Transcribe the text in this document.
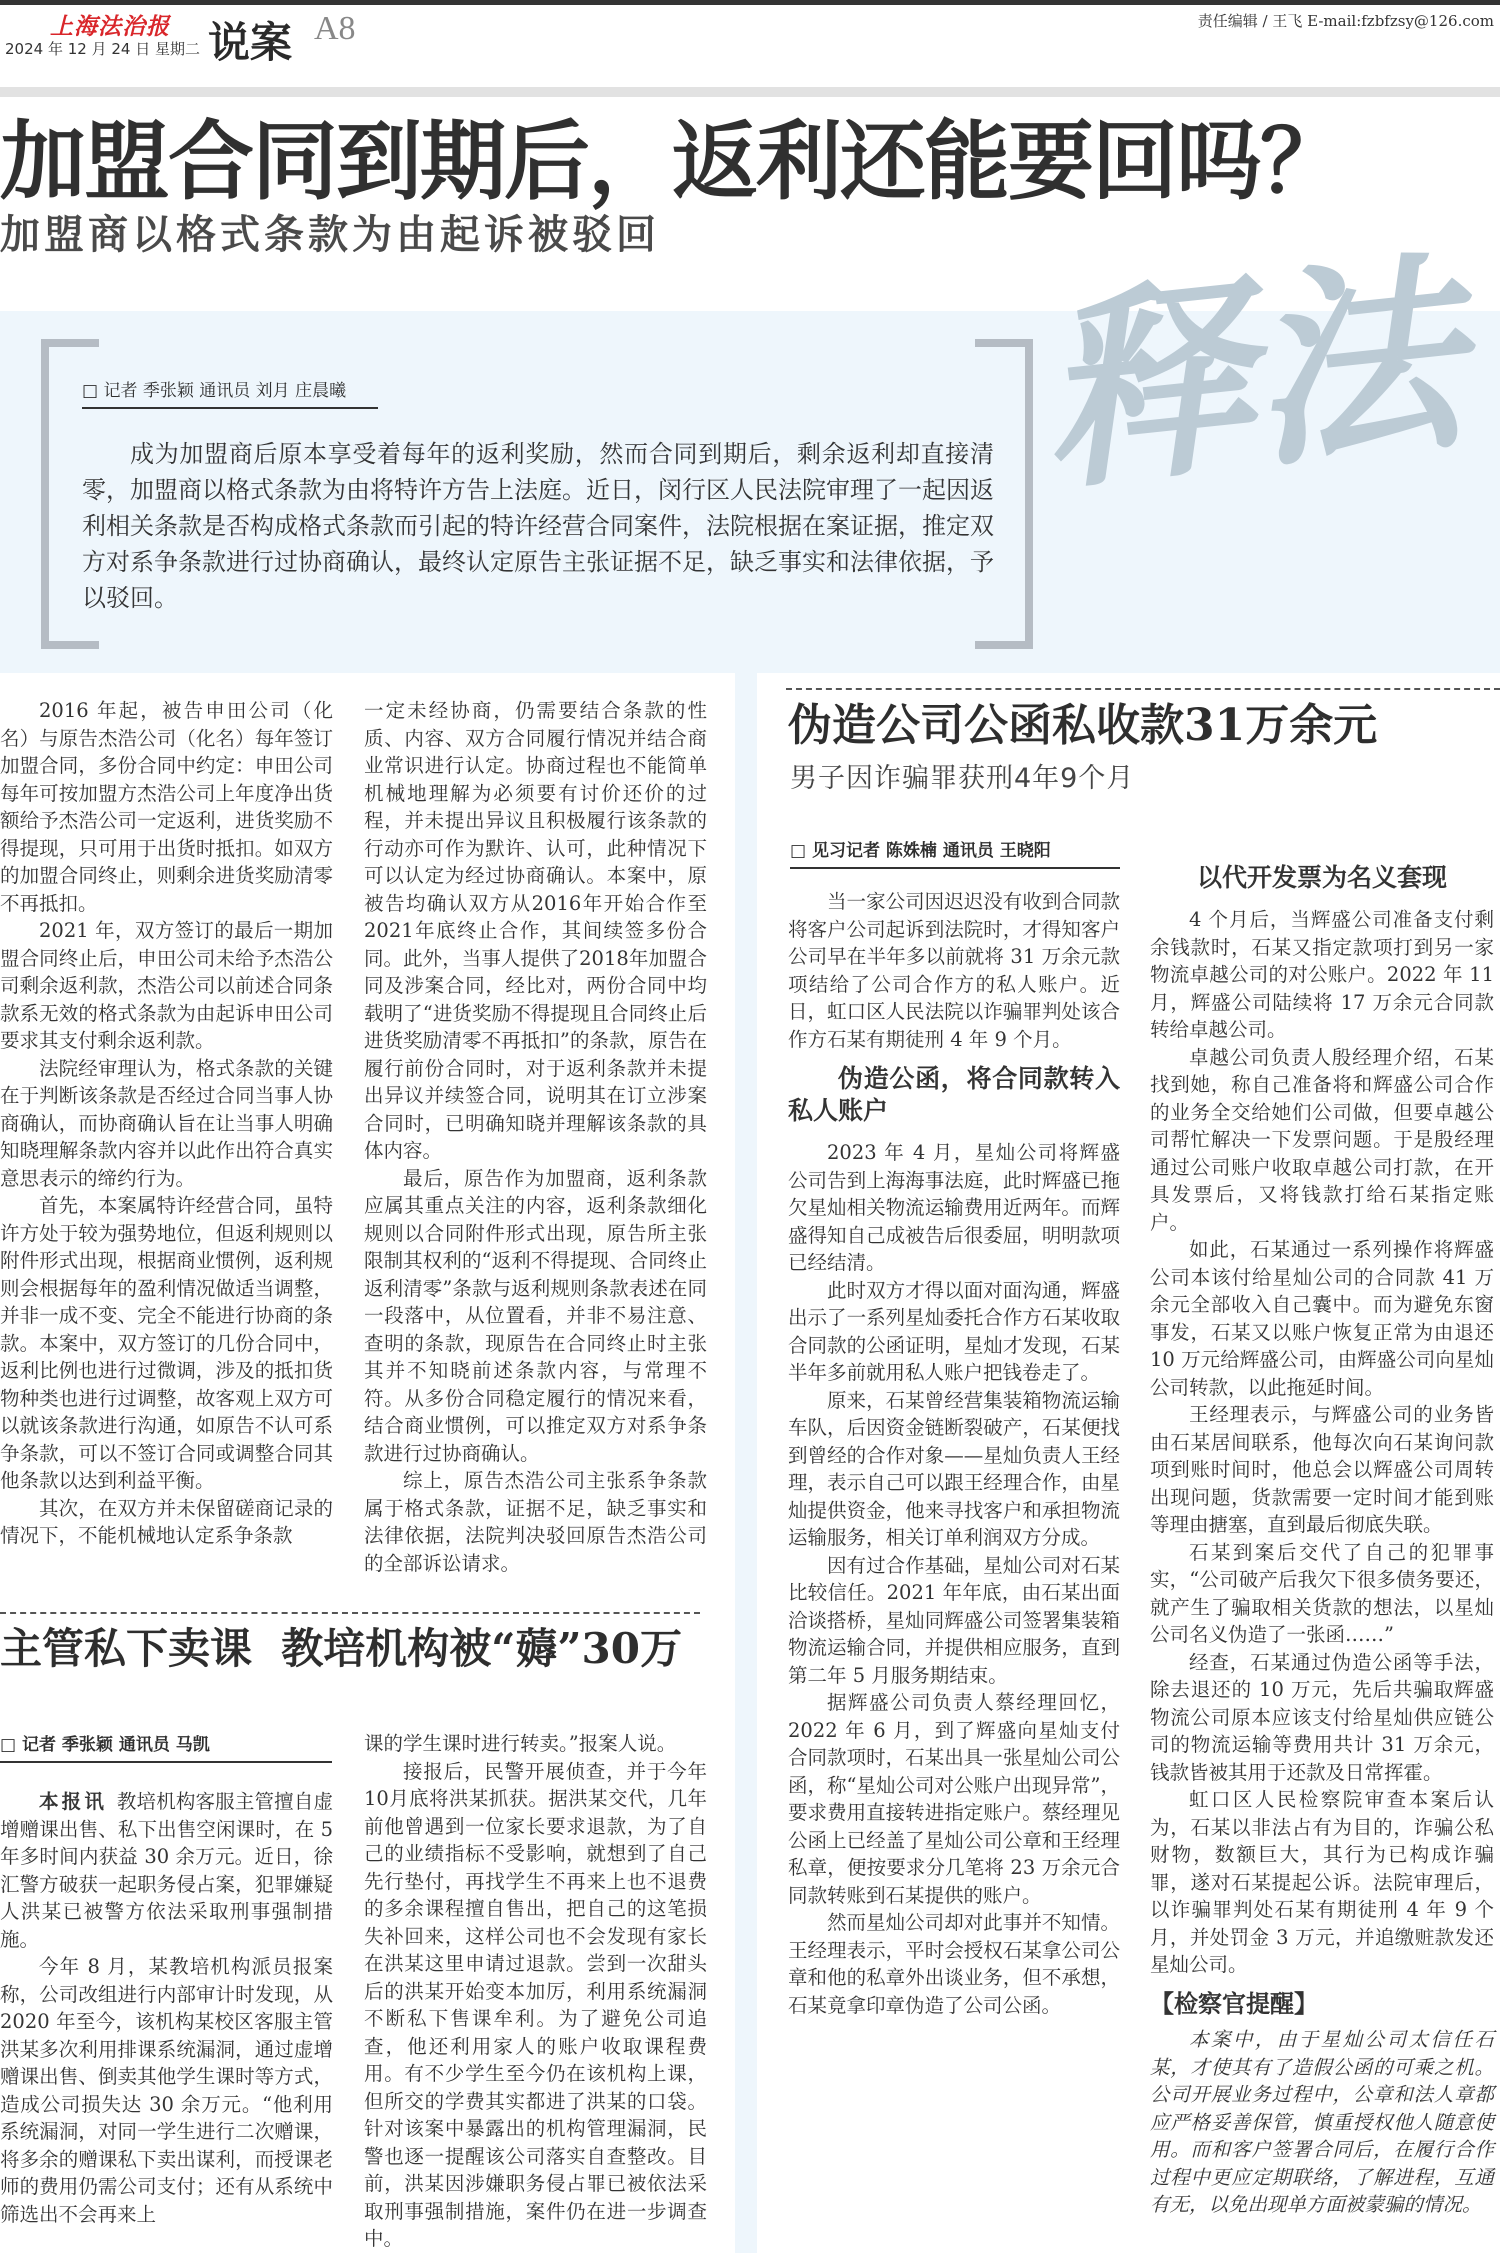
上海法治报
2024 年 12 月 24 日 星期二 说案 A8	责任编辑 / 王飞 E-mail:fzbfzsy@126.com
加盟合同到期后，返利还能要回吗？
加盟商以格式条款为由起诉被驳回 释法
□ 记者 季张颖 通讯员 刘月 庄晨曦

成为加盟商后原本享受着每年的返利奖励，然而合同到期后，剩余返利却直接清零，加盟商以格式条款为由将特许方告上法庭。近日，闵行区人民法院审理了一起因返利相关条款是否构成格式条款而引起的特许经营合同案件，法院根据在案证据，推定双方对系争条款进行过协商确认，最终认定原告主张证据不足，缺乏事实和法律依据，予以驳回。

2016 年起，被告申田公司（化名）与原告杰浩公司（化名）每年签订加盟合同，多份合同中约定：申田公司每年可按加盟方杰浩公司上年度净出货额给予杰浩公司一定返利，进货奖励不得提现，只可用于出货时抵扣。如双方的加盟合同终止，则剩余进货奖励清零不再抵扣。

2021 年，双方签订的最后一期加盟合同终止后，申田公司未给予杰浩公司剩余返利款，杰浩公司以前述合同条款系无效的格式条款为由起诉申田公司要求其支付剩余返利款。

法院经审理认为，格式条款的关键在于判断该条款是否经过合同当事人协商确认，而协商确认旨在让当事人明确知晓理解条款内容并以此作出符合真实意思表示的缔约行为。

首先，本案属特许经营合同，虽特许方处于较为强势地位，但返利规则以附件形式出现，根据商业惯例，返利规则会根据每年的盈利情况做适当调整，并非一成不变、完全不能进行协商的条款。本案中，双方签订的几份合同中，返利比例也进行过微调，涉及的抵扣货物种类也进行过调整，故客观上双方可以就该条款进行沟通，如原告不认可系争条款，可以不签订合同或调整合同其他条款以达到利益平衡。

其次，在双方并未保留磋商记录的情况下，不能机械地认定系争条款

一定未经协商，仍需要结合条款的性质、内容、双方合同履行情况并结合商业常识进行认定。协商过程也不能简单机械地理解为必须要有讨价还价的过程，并未提出异议且积极履行该条款的行动亦可作为默许、认可，此种情况下可以认定为经过协商确认。本案中，原被告均确认双方从2016年开始合作至2021年底终止合作，其间续签多份合同。此外，当事人提供了2018年加盟合同及涉案合同，经比对，两份合同中均载明了“进货奖励不得提现且合同终止后进货奖励清零不再抵扣”的条款，原告在履行前份合同时，对于返利条款并未提出异议并续签合同，说明其在订立涉案合同时，已明确知晓并理解该条款的具体内容。

最后，原告作为加盟商，返利条款应属其重点关注的内容，返利条款细化规则以合同附件形式出现，原告所主张限制其权利的“返利不得提现、合同终止返利清零”条款与返利规则条款表述在同一段落中，从位置看，并非不易注意、查明的条款，现原告在合同终止时主张其并不知晓前述条款内容，与常理不符。从多份合同稳定履行的情况来看，结合商业惯例，可以推定双方对系争条款进行过协商确认。

综上，原告杰浩公司主张系争条款属于格式条款，证据不足，缺乏事实和法律依据，法院判决驳回原告杰浩公司的全部诉讼请求。

伪造公司公函私收款31万余元
男子因诈骗罪获刑4年9个月
□ 见习记者 陈姝楠 通讯员 王晓阳

当一家公司因迟迟没有收到合同款将客户公司起诉到法院时，才得知客户公司早在半年多以前就将 31 万余元款项结给了公司合作方的私人账户。近日，虹口区人民法院以诈骗罪判处该合作方石某有期徒刑 4 年 9 个月。

伪造公函，将合同款转入私人账户

2023 年 4 月，星灿公司将辉盛公司告到上海海事法庭，此时辉盛已拖欠星灿相关物流运输费用近两年。而辉盛得知自己成被告后很委屈，明明款项已经结清。

此时双方才得以面对面沟通，辉盛出示了一系列星灿委托合作方石某收取合同款的公函证明，星灿才发现，石某半年多前就用私人账户把钱卷走了。

原来，石某曾经营集装箱物流运输车队，后因资金链断裂破产，石某便找到曾经的合作对象——星灿负责人王经理，表示自己可以跟王经理合作，由星灿提供资金，他来寻找客户和承担物流运输服务，相关订单利润双方分成。

因有过合作基础，星灿公司对石某比较信任。2021 年年底，由石某出面洽谈搭桥，星灿同辉盛公司签署集装箱物流运输合同，并提供相应服务，直到第二年 5 月服务期结束。

据辉盛公司负责人蔡经理回忆，2022 年 6 月，到了辉盛向星灿支付合同款项时，石某出具一张星灿公司公函，称“星灿公司对公账户出现异常”，要求费用直接转进指定账户。蔡经理见公函上已经盖了星灿公司公章和王经理私章，便按要求分几笔将 23 万余元合同款转账到石某提供的账户。

然而星灿公司却对此事并不知情。王经理表示，平时会授权石某拿公司公章和他的私章外出谈业务，但不承想，石某竟拿印章伪造了公司公函。

以代开发票为名义套现

4 个月后，当辉盛公司准备支付剩余钱款时，石某又指定款项打到另一家物流卓越公司的对公账户。2022 年 11 月，辉盛公司陆续将 17 万余元合同款转给卓越公司。

卓越公司负责人殷经理介绍，石某找到她，称自己准备将和辉盛公司合作的业务全交给她们公司做，但要卓越公司帮忙解决一下发票问题。于是殷经理通过公司账户收取卓越公司打款，在开具发票后，又将钱款打给石某指定账户。

如此，石某通过一系列操作将辉盛公司本该付给星灿公司的合同款 41 万余元全部收入自己囊中。而为避免东窗事发，石某又以账户恢复正常为由退还 10 万元给辉盛公司，由辉盛公司向星灿公司转款，以此拖延时间。

王经理表示，与辉盛公司的业务皆由石某居间联系，他每次向石某询问款项到账时间时，他总会以辉盛公司周转出现问题，货款需要一定时间才能到账等理由搪塞，直到最后彻底失联。

石某到案后交代了自己的犯罪事实，“公司破产后我欠下很多债务要还，就产生了骗取相关货款的想法，以星灿公司名义伪造了一张函……”

经查，石某通过伪造公函等手法，除去退还的 10 万元，先后共骗取辉盛物流公司原本应该支付给星灿供应链公司的物流运输等费用共计 31 万余元，钱款皆被其用于还款及日常挥霍。

虹口区人民检察院审查本案后认为，石某以非法占有为目的，诈骗公私财物，数额巨大，其行为已构成诈骗罪，遂对石某提起公诉。法院审理后，以诈骗罪判处石某有期徒刑 4 年 9 个月，并处罚金 3 万元，并追缴赃款发还星灿公司。

【检察官提醒】

本案中，由于星灿公司太信任石某，才使其有了造假公函的可乘之机。公司开展业务过程中，公章和法人章都应严格妥善保管，慎重授权他人随意使用。而和客户签署合同后，在履行合作过程中更应定期联络，了解进程，互通有无，以免出现单方面被蒙骗的情况。

主管私下卖课  教培机构被“薅”30万
□ 记者 季张颖 通讯员 马凯

本报讯  教培机构客服主管擅自虚增赠课出售、私下出售空闲课时，在 5 年多时间内获益 30 余万元。近日，徐汇警方破获一起职务侵占案，犯罪嫌疑人洪某已被警方依法采取刑事强制措施。

今年 8 月，某教培机构派员报案称，公司改组进行内部审计时发现，从 2020 年至今，该机构某校区客服主管洪某多次利用排课系统漏洞，通过虚增赠课出售、倒卖其他学生课时等方式，造成公司损失达 30 余万元。“他利用系统漏洞，对同一学生进行二次赠课，将多余的赠课私下卖出谋利，而授课老师的费用仍需公司支付；还有从系统中筛选出不会再来上

课的学生课时进行转卖。”报案人说。

接报后，民警开展侦查，并于今年10月底将洪某抓获。据洪某交代，几年前他曾遇到一位家长要求退款，为了自己的业绩指标不受影响，就想到了自己先行垫付，再找学生不再来上也不退费的多余课程擅自售出，把自己的这笔损失补回来，这样公司也不会发现有家长在洪某这里申请过退款。尝到一次甜头后的洪某开始变本加厉，利用系统漏洞不断私下售课牟利。为了避免公司追查，他还利用家人的账户收取课程费用。有不少学生至今仍在该机构上课，但所交的学费其实都进了洪某的口袋。针对该案中暴露出的机构管理漏洞，民警也逐一提醒该公司落实自查整改。目前，洪某因涉嫌职务侵占罪已被依法采取刑事强制措施，案件仍在进一步调查中。
